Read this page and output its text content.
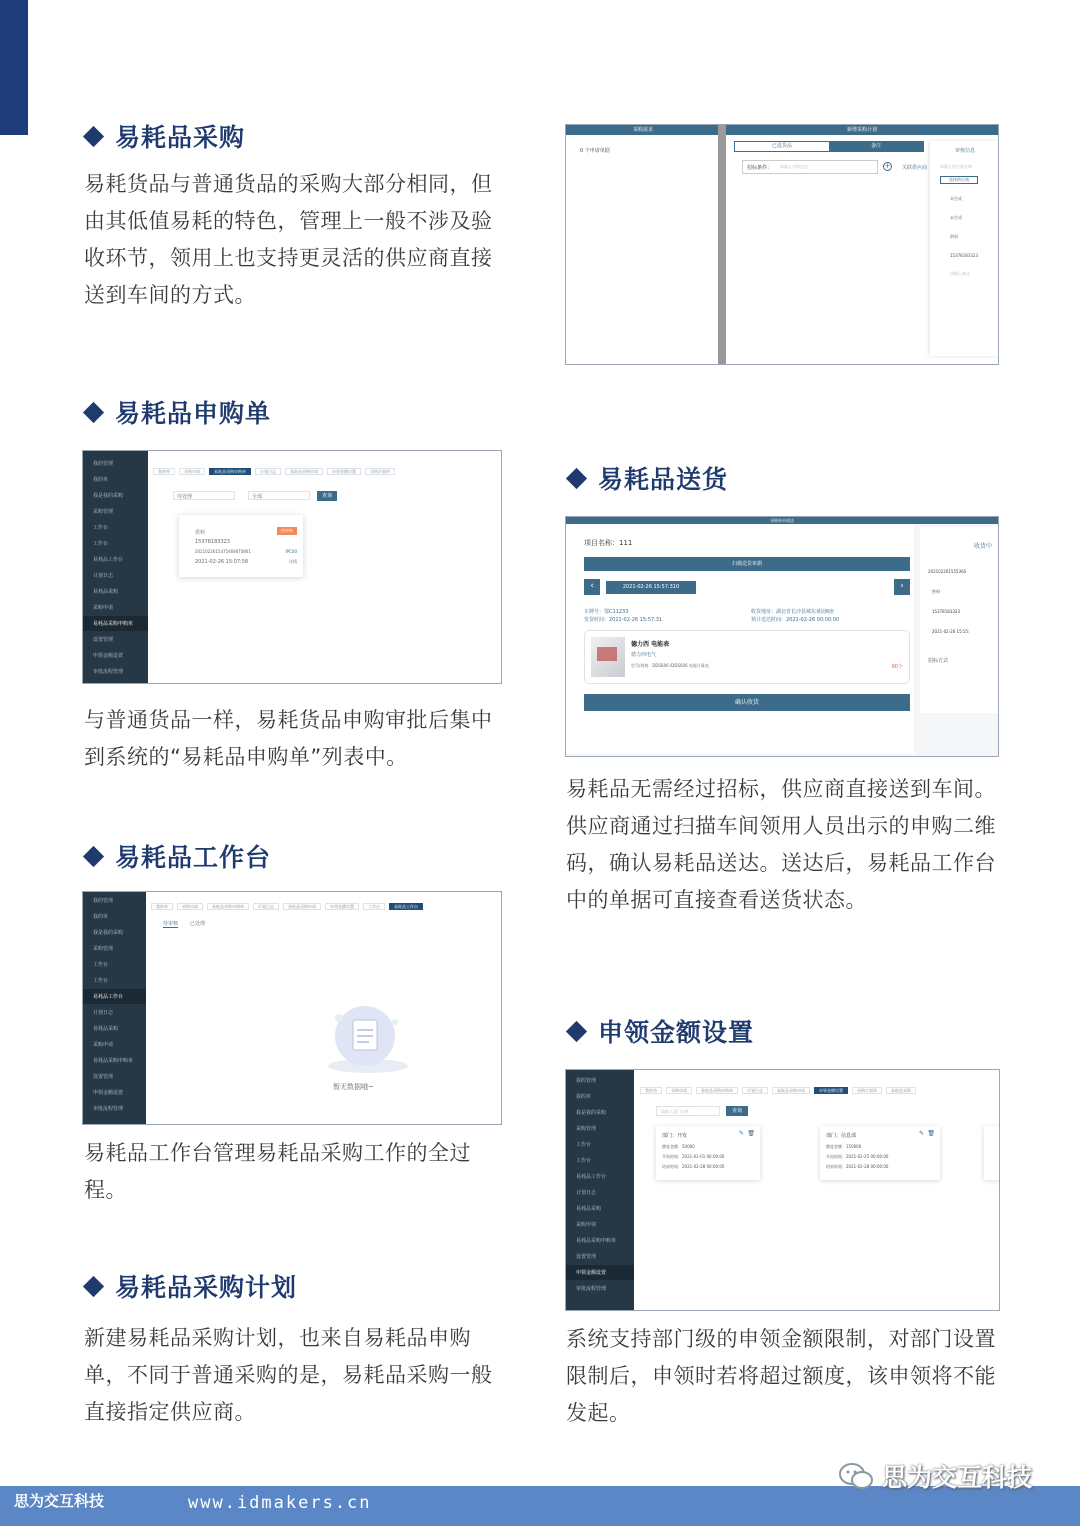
易耗品采购
易耗货品与普通货品的采购大部分相同，但由其低值易耗的特色，管理上一般不涉及验收环节，领用上也支持更灵活的供应商直接送到车间的方式。
易耗品申购单
我的管理
我的单
我是我的采购
采购管理
工作台
工作台
易耗品工作台
计划日志
易耗品采购
采购申请
易耗品采购申购单
设置管理
申领金额设置
审批流程管理
我的单	采购申请	易耗品采购申购单	计划日志	易耗品采购申请	申领金额设置	采购计划单
待处理	全部	查询
供料	待审核
15378183323
20210226154754690T0801	IPC00
2021-02-26 15:07:58	详情
与普通货品一样，易耗货品申购审批后集中到系统的“易耗品申购单”列表中。
易耗品工作台
我的管理
我的单
我是我的采购
采购管理
工作台
工作台
易耗品工作台
计划日志
易耗品采购
采购申请
易耗品采购申购单
设置管理
申领金额设置
审批流程管理
我的单	采购申请	易耗品采购申购单	计划日志	易耗品采购申请	申领金额设置	工作台	易耗品工作台
待审核 已处理
暂无数据哦~
易耗品工作台管理易耗品采购工作的全过程。
易耗品采购计划
新建易耗品采购计划，也来自易耗品申购单，不同于普通采购的是，易耗品采购一般直接指定供应商。
采购需求
0 个申请单据
新增采购计划
已选货品	备注
招标条件： 请输入采购信息	+	关联供应商
审核信息
请输入供应商名称
选择供应商
未生成
未生成
供料
15378183323
请输入备注
易耗品送货
采购单申请送
项目名称：111
扫描送货单据
‹	2021-02-26 15:57:310	›
车牌号：鄂C11233
发货时间：2021-02-26 15:57:31
收货地址：湖北省长沙县城东黄园6座
预计送达时间：2021-02-26 00:00:00
德力西 电能表
德力西电气
型号/规格：DDS606 /DDS606 电能计量表	90个
确认收货
收货中
20210226155536S
供料
15378183323
2021-02-26 15:55:
招标方式
易耗品无需经过招标，供应商直接送到车间。供应商通过扫描车间领用人员出示的申购二维码，确认易耗品送达。送达后，易耗品工作台中的单据可直接查看送货状态。
申领金额设置
我的管理
我的单
我是我的采购
采购管理
工作台
工作台
易耗品工作台
计划日志
易耗品采购
采购申请
易耗品采购申购单
设置管理
申领金额设置
审批流程管理
我的单	采购申请	易耗品采购申购单	计划日志	易耗品采购申请	申领金额设置	采购计划单	易耗品采购
请输入部门名称	查询
部门：开发
额度金额：50000
开始时间：2021-02-01 00:00:00
结束时间：2021-02-28 00:00:00
✎ 🗑	部门：信息部
额度金额：150000
开始时间：2021-02-25 00:00:00
结束时间：2021-02-28 00:00:00
✎ 🗑
系统支持部门级的申领金额限制，对部门设置限制后，申领时若将超过额度，该申领将不能发起。
思为交互科技	www.idmakers.cn
思为交互科技
